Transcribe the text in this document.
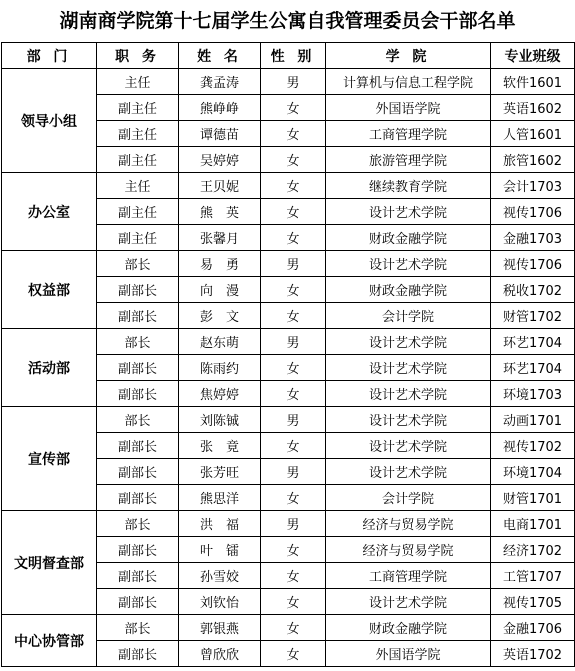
湖南商学院第十七届学生公寓自我管理委员会干部名单
部 门	职 务	姓 名	性 别	学 院	专业班级
领导小组	主任	龚孟涛	男	计算机与信息工程学院	软件1601
	副主任	熊峥峥	女	外国语学院	英语1602
	副主任	谭德苗	女	工商管理学院	人管1601
	副主任	吴婷婷	女	旅游管理学院	旅管1602
办公室	主任	王贝妮	女	继续教育学院	会计1703
	副主任	熊　英	女	设计艺术学院	视传1706
	副主任	张馨月	女	财政金融学院	金融1703
权益部	部长	易　勇	男	设计艺术学院	视传1706
	副部长	向　漫	女	财政金融学院	税收1702
	副部长	彭　文	女	会计学院	财管1702
活动部	部长	赵东萌	男	设计艺术学院	环艺1704
	副部长	陈雨约	女	设计艺术学院	环艺1704
	副部长	焦婷婷	女	设计艺术学院	环境1703
宣传部	部长	刘陈铖	男	设计艺术学院	动画1701
	副部长	张　竟	女	设计艺术学院	视传1702
	副部长	张芳旺	男	设计艺术学院	环境1704
	副部长	熊思洋	女	会计学院	财管1701
文明督查部	部长	洪　福	男	经济与贸易学院	电商1701
	副部长	叶　镭	女	经济与贸易学院	经济1702
	副部长	孙雪姣	女	工商管理学院	工管1707
	副部长	刘钦怡	女	设计艺术学院	视传1705
中心协管部	部长	郭银燕	女	财政金融学院	金融1706
	副部长	曾欣欣	女	外国语学院	英语1702
